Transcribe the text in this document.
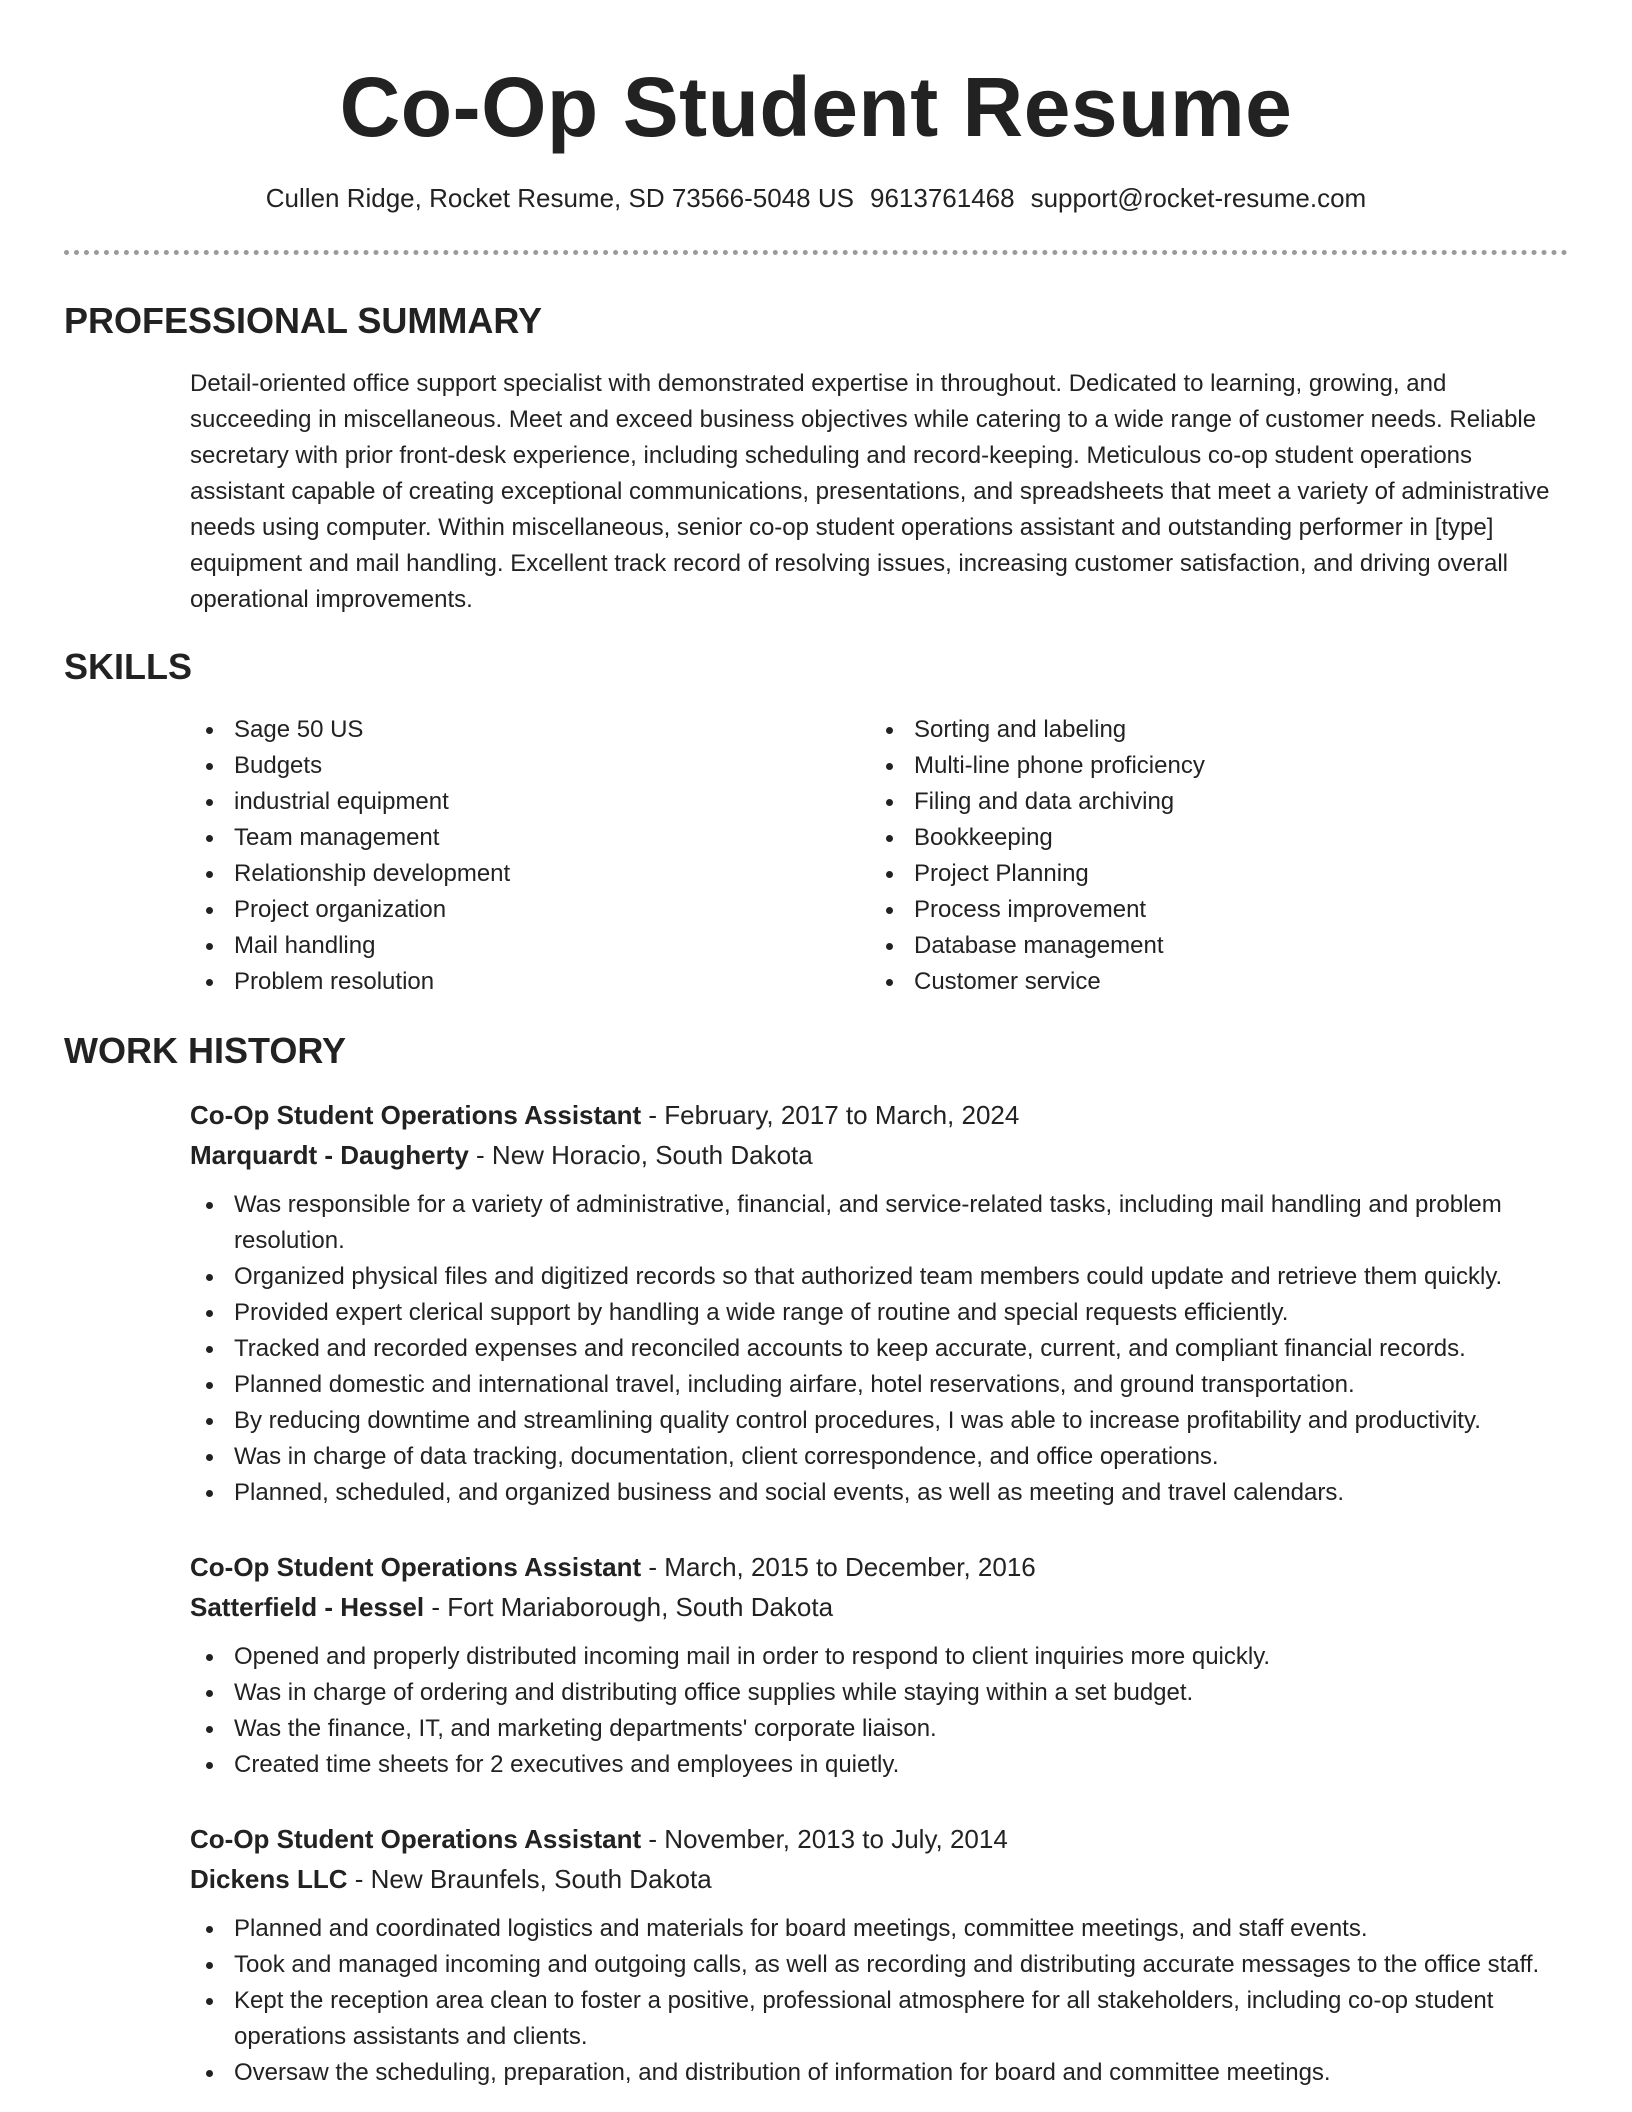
Co-Op Student Resume
Cullen Ridge, Rocket Resume, SD 73566-5048 US 9613761468 support@rocket-resume.com
PROFESSIONAL SUMMARY

Detail-oriented office support specialist with demonstrated expertise in throughout. Dedicated to learning, growing, and succeeding in miscellaneous. Meet and exceed business objectives while catering to a wide range of customer needs. Reliable secretary with prior front-desk experience, including scheduling and record-keeping. Meticulous co-op student operations assistant capable of creating exceptional communications, presentations, and spreadsheets that meet a variety of administrative needs using computer. Within miscellaneous, senior co-op student operations assistant and outstanding performer in [type] equipment and mail handling. Excellent track record of resolving issues, increasing customer satisfaction, and driving overall operational improvements.

SKILLS
Sage 50 US
Budgets
industrial equipment
Team management
Relationship development
Project organization
Mail handling
Problem resolution
Sorting and labeling
Multi-line phone proficiency
Filing and data archiving
Bookkeeping
Project Planning
Process improvement
Database management
Customer service
WORK HISTORY

Co-Op Student Operations Assistant - February, 2017 to March, 2024

Marquardt - Daugherty - New Horacio, South Dakota

Was responsible for a variety of administrative, financial, and service-related tasks, including mail handling and problem resolution.
Organized physical files and digitized records so that authorized team members could update and retrieve them quickly.
Provided expert clerical support by handling a wide range of routine and special requests efficiently.
Tracked and recorded expenses and reconciled accounts to keep accurate, current, and compliant financial records.
Planned domestic and international travel, including airfare, hotel reservations, and ground transportation.
By reducing downtime and streamlining quality control procedures, I was able to increase profitability and productivity.
Was in charge of data tracking, documentation, client correspondence, and office operations.
Planned, scheduled, and organized business and social events, as well as meeting and travel calendars.

Co-Op Student Operations Assistant - March, 2015 to December, 2016

Satterfield - Hessel - Fort Mariaborough, South Dakota

Opened and properly distributed incoming mail in order to respond to client inquiries more quickly.
Was in charge of ordering and distributing office supplies while staying within a set budget.
Was the finance, IT, and marketing departments' corporate liaison.
Created time sheets for 2 executives and employees in quietly.

Co-Op Student Operations Assistant - November, 2013 to July, 2014

Dickens LLC - New Braunfels, South Dakota

Planned and coordinated logistics and materials for board meetings, committee meetings, and staff events.
Took and managed incoming and outgoing calls, as well as recording and distributing accurate messages to the office staff.
Kept the reception area clean to foster a positive, professional atmosphere for all stakeholders, including co-op student operations assistants and clients.
Oversaw the scheduling, preparation, and distribution of information for board and committee meetings.
